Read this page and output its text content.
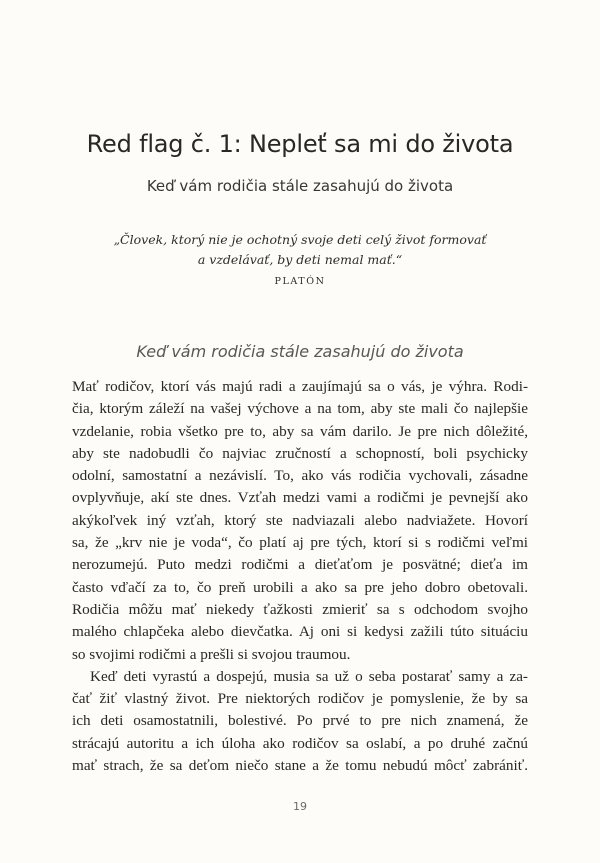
Red flag č. 1: Nepleť sa mi do života
Keď vám rodičia stále zasahujú do života
„Človek, ktorý nie je ochotný svoje deti celý život formovať
a vzdelávať, by deti nemal mať.“
PLATÓN
Keď vám rodičia stále zasahujú do života
Mať rodičov, ktorí vás majú radi a zaujímajú sa o vás, je výhra. Rodi-
čia, ktorým záleží na vašej výchove a na tom, aby ste mali čo najlepšie
vzdelanie, robia všetko pre to, aby sa vám darilo. Je pre nich dôležité,
aby ste nadobudli čo najviac zručností a schopností, boli psychicky
odolní, samostatní a nezávislí. To, ako vás rodičia vychovali, zásadne
ovplyvňuje, akí ste dnes. Vzťah medzi vami a rodičmi je pevnejší ako
akýkoľvek iný vzťah, ktorý ste nadviazali alebo nadviažete. Hovorí
sa, že „krv nie je voda“, čo platí aj pre tých, ktorí si s rodičmi veľmi
nerozumejú. Puto medzi rodičmi a dieťaťom je posvätné; dieťa im
často vďačí za to, čo preň urobili a ako sa pre jeho dobro obetovali.
Rodičia môžu mať niekedy ťažkosti zmieriť sa s odchodom svojho
malého chlapčeka alebo dievčatka. Aj oni si kedysi zažili túto situáciu
so svojimi rodičmi a prešli si svojou traumou.
Keď deti vyrastú a dospejú, musia sa už o seba postarať samy a za-
čať žiť vlastný život. Pre niektorých rodičov je pomyslenie, že by sa
ich deti osamostatnili, bolestivé. Po prvé to pre nich znamená, že
strácajú autoritu a ich úloha ako rodičov sa oslabí, a po druhé začnú
mať strach, že sa deťom niečo stane a že tomu nebudú môcť zabrániť.
19
